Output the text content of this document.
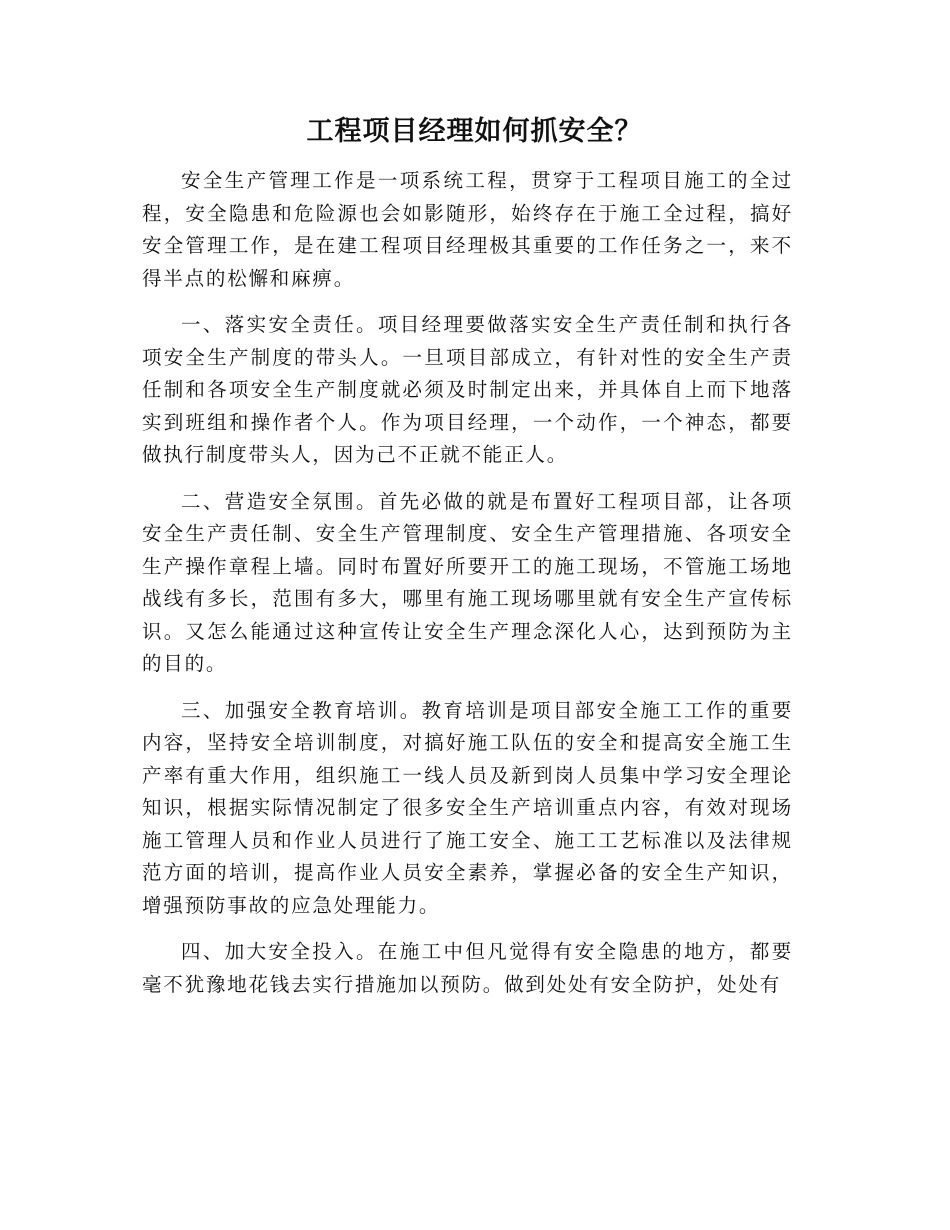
工程项目经理如何抓安全？

安全生产管理工作是一项系统工程，贯穿于工程项目施工的全过程，安全隐患和危险源也会如影随形，始终存在于施工全过程，搞好安全管理工作，是在建工程项目经理极其重要的工作任务之一，来不得半点的松懈和麻痹。

一、落实安全责任。项目经理要做落实安全生产责任制和执行各项安全生产制度的带头人。一旦项目部成立，有针对性的安全生产责任制和各项安全生产制度就必须及时制定出来，并具体自上而下地落实到班组和操作者个人。作为项目经理，一个动作，一个神态，都要做执行制度带头人，因为己不正就不能正人。

二、营造安全氛围。首先必做的就是布置好工程项目部，让各项安全生产责任制、安全生产管理制度、安全生产管理措施、各项安全生产操作章程上墙。同时布置好所要开工的施工现场，不管施工场地战线有多长，范围有多大，哪里有施工现场哪里就有安全生产宣传标识。又怎么能通过这种宣传让安全生产理念深化人心，达到预防为主的目的。

三、加强安全教育培训。教育培训是项目部安全施工工作的重要内容，坚持安全培训制度，对搞好施工队伍的安全和提高安全施工生产率有重大作用，组织施工一线人员及新到岗人员集中学习安全理论知识，根据实际情况制定了很多安全生产培训重点内容，有效对现场施工管理人员和作业人员进行了施工安全、施工工艺标准以及法律规范方面的培训，提高作业人员安全素养，掌握必备的安全生产知识，增强预防事故的应急处理能力。

四、加大安全投入。在施工中但凡觉得有安全隐患的地方，都要毫不犹豫地花钱去实行措施加以预防。做到处处有安全防护，处处有
